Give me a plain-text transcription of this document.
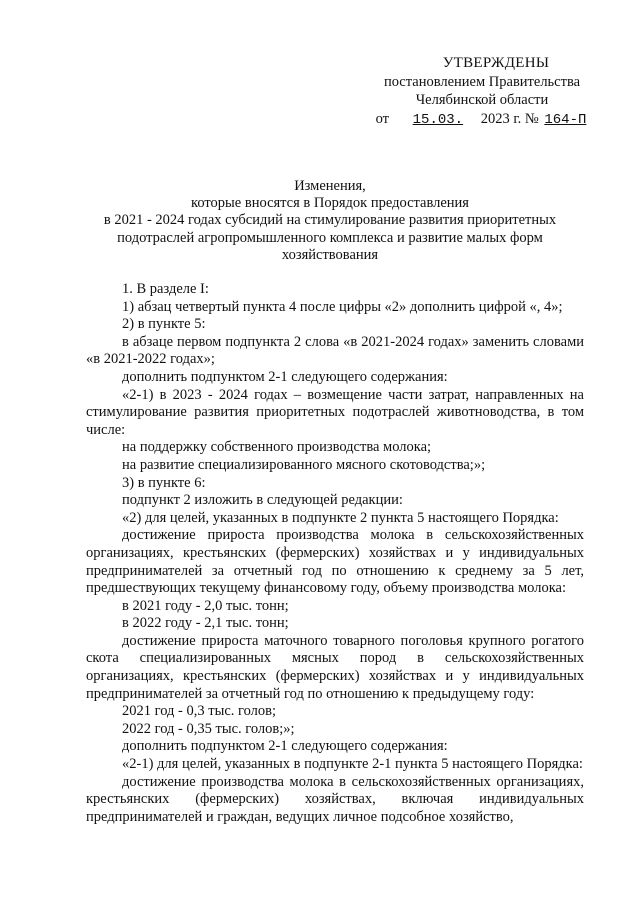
УТВЕРЖДЕНЫ
постановлением Правительства
Челябинской области
от 15.03. 2023 г. № 164-П
Изменения,
которые вносятся в Порядок предоставления
в 2021 - 2024 годах субсидий на стимулирование развития приоритетных
подотраслей агропромышленного комплекса и развитие малых форм
хозяйствования

1. В разделе I:

1) абзац четвертый пункта 4 после цифры «2» дополнить цифрой «, 4»;

2) в пункте 5:

в абзаце первом подпункта 2 слова «в 2021-2024 годах» заменить словами «в 2021-2022 годах»;

дополнить подпунктом 2-1 следующего содержания:

«2-1) в 2023 - 2024 годах – возмещение части затрат, направленных на стимулирование развития приоритетных подотраслей животноводства, в том числе:

на поддержку собственного производства молока;

на развитие специализированного мясного скотоводства;»;

3) в пункте 6:

подпункт 2 изложить в следующей редакции:

«2) для целей, указанных в подпункте 2 пункта 5 настоящего Порядка:

достижение прироста производства молока в сельскохозяйственных организациях, крестьянских (фермерских) хозяйствах и у индивидуальных предпринимателей за отчетный год по отношению к среднему за 5 лет, предшествующих текущему финансовому году, объему производства молока:

в 2021 году - 2,0 тыс. тонн;

в 2022 году - 2,1 тыс. тонн;

достижение прироста маточного товарного поголовья крупного рогатого скота специализированных мясных пород в сельскохозяйственных организациях, крестьянских (фермерских) хозяйствах и у индивидуальных предпринимателей за отчетный год по отношению к предыдущему году:

2021 год - 0,3 тыс. голов;

2022 год - 0,35 тыс. голов;»;

дополнить подпунктом 2-1 следующего содержания:

«2-1) для целей, указанных в подпункте 2-1 пункта 5 настоящего Порядка:

достижение производства молока в сельскохозяйственных организациях, крестьянских (фермерских) хозяйствах, включая индивидуальных предпринимателей и граждан, ведущих личное подсобное хозяйство,
